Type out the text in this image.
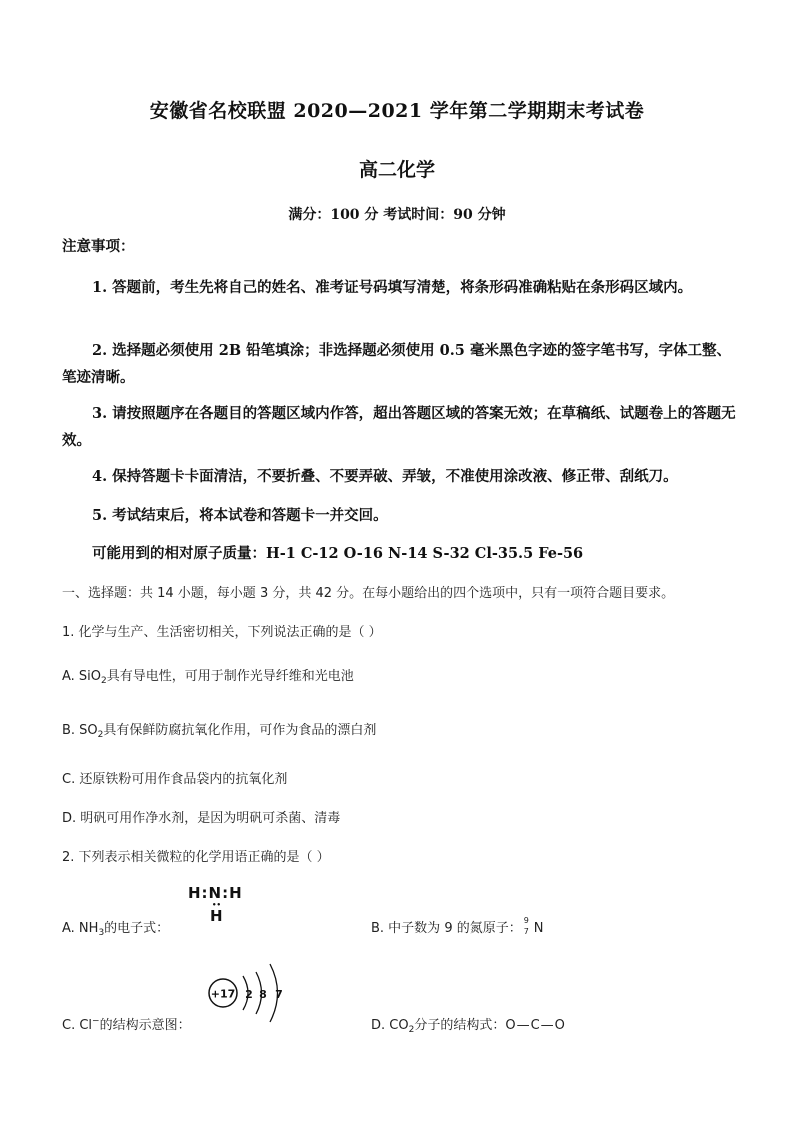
安徽省名校联盟 2020—2021 学年第二学期期末考试卷
高二化学
满分：100 分 考试时间：90 分钟
注意事项：
1. 答题前，考生先将自己的姓名、准考证号码填写清楚，将条形码准确粘贴在条形码区域内。
2. 选择题必须使用 2B 铅笔填涂；非选择题必须使用 0.5 毫米黑色字迹的签字笔书写，字体工整、笔迹清晰。
3. 请按照题序在各题目的答题区域内作答，超出答题区域的答案无效；在草稿纸、试题卷上的答题无效。
4. 保持答题卡卡面清洁，不要折叠、不要弄破、弄皱，不准使用涂改液、修正带、刮纸刀。
5. 考试结束后，将本试卷和答题卡一并交回。
可能用到的相对原子质量：H-1 C-12 O-16 N-14 S-32 Cl-35.5 Fe-56
一、选择题：共 14 小题，每小题 3 分，共 42 分。在每小题给出的四个选项中，只有一项符合题目要求。
1. 化学与生产、生活密切相关，下列说法正确的是（ ）
A. SiO$_2$具有导电性，可用于制作光导纤维和光电池
B. $SO_2$具有保鲜防腐抗氧化作用，可作为食品的漂白剂
C. 还原铁粉可用作食品袋内的抗氧化剂
D. 明矾可用作净水剂，是因为明矾可杀菌、清毒
2. 下列表示相关微粒的化学用语正确的是（ ）
A. $NH_3$的电子式：
H:N:H
••
H
B. 中子数为 9 的氮原子：
9
7 N
C. Cl−的结构示意图：
+17 2 8 7
D. $CO_2$分子的结构式：O—C—O
